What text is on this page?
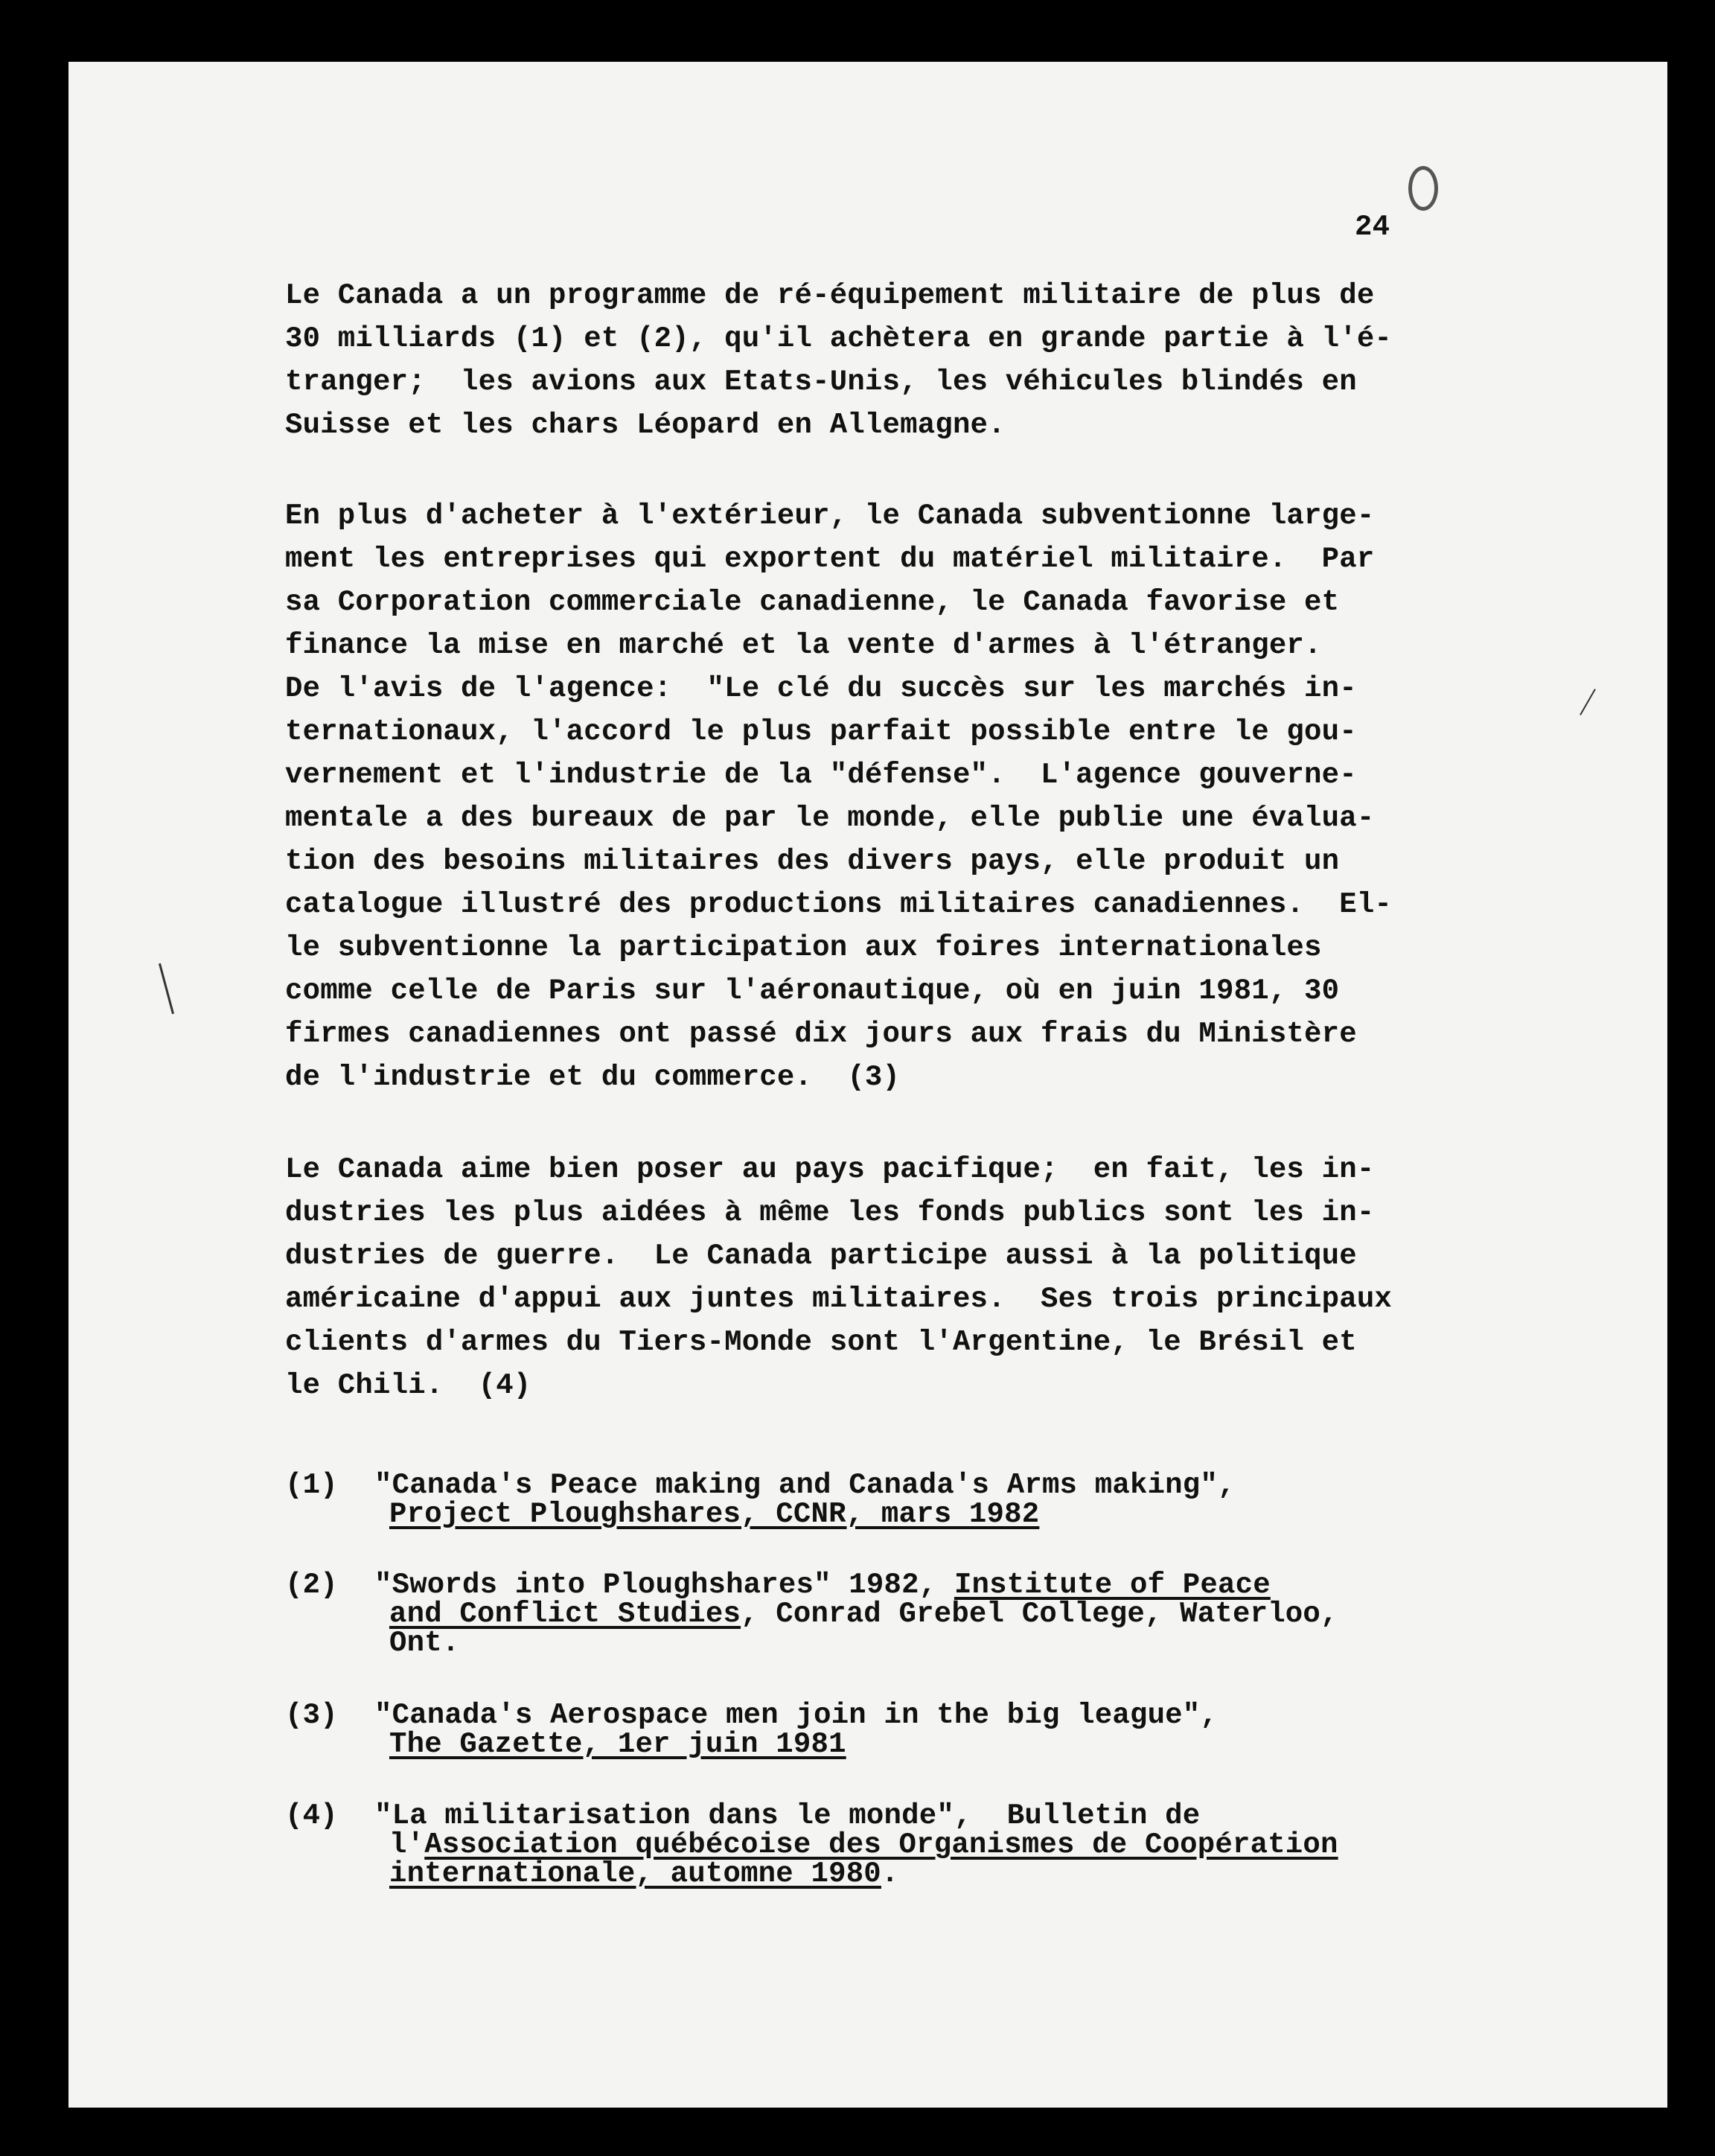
24
Le Canada a un programme de ré-équipement militaire de plus de
30 milliards (1) et (2), qu'il achètera en grande partie à l'é-
tranger;  les avions aux Etats-Unis, les véhicules blindés en
Suisse et les chars Léopard en Allemagne.
En plus d'acheter à l'extérieur, le Canada subventionne large-
ment les entreprises qui exportent du matériel militaire.  Par
sa Corporation commerciale canadienne, le Canada favorise et
finance la mise en marché et la vente d'armes à l'étranger.
De l'avis de l'agence:  "Le clé du succès sur les marchés in-
ternationaux, l'accord le plus parfait possible entre le gou-
vernement et l'industrie de la "défense".  L'agence gouverne-
mentale a des bureaux de par le monde, elle publie une évalua-
tion des besoins militaires des divers pays, elle produit un
catalogue illustré des productions militaires canadiennes.  El-
le subventionne la participation aux foires internationales
comme celle de Paris sur l'aéronautique, où en juin 1981, 30
firmes canadiennes ont passé dix jours aux frais du Ministère
de l'industrie et du commerce.  (3)
Le Canada aime bien poser au pays pacifique;  en fait, les in-
dustries les plus aidées à même les fonds publics sont les in-
dustries de guerre.  Le Canada participe aussi à la politique
américaine d'appui aux juntes militaires.  Ses trois principaux
clients d'armes du Tiers-Monde sont l'Argentine, le Brésil et
le Chili.  (4)
(1) "Canada's Peace making and Canada's Arms making",
Project Ploughshares, CCNR, mars 1982
(2) "Swords into Ploughshares" 1982, Institute of Peace
and Conflict Studies, Conrad Grebel College, Waterloo,
Ont.
(3) "Canada's Aerospace men join in the big league",
The Gazette, 1er juin 1981
(4) "La militarisation dans le monde",  Bulletin de
l'Association québécoise des Organismes de Coopération
internationale, automne 1980.
